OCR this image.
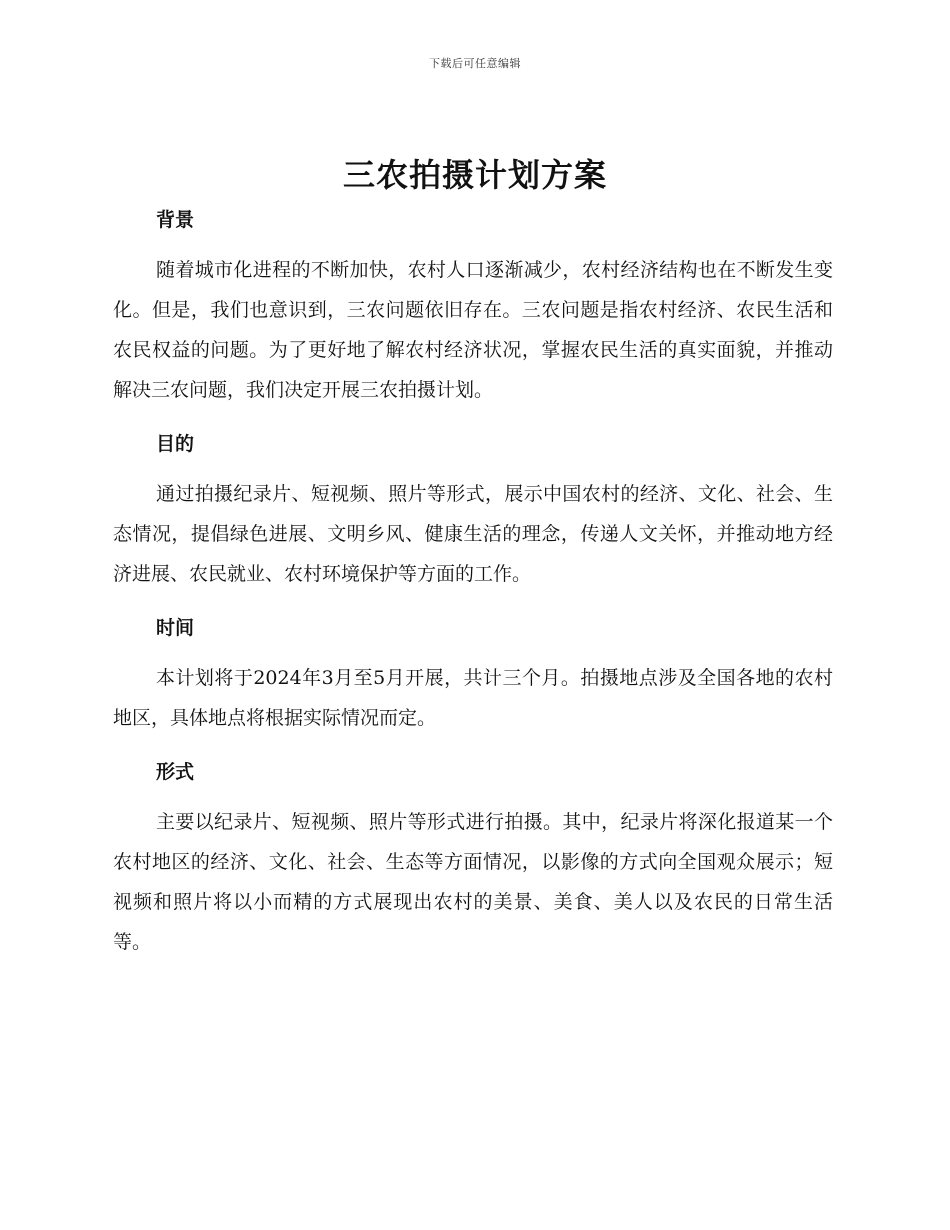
下载后可任意编辑
三农拍摄计划方案
背景

随着城市化进程的不断加快，农村人口逐渐减少，农村经济结构也在不断发生变化。但是，我们也意识到，三农问题依旧存在。三农问题是指农村经济、农民生活和农民权益的问题。为了更好地了解农村经济状况，掌握农民生活的真实面貌，并推动解决三农问题，我们决定开展三农拍摄计划。

目的

通过拍摄纪录片、短视频、照片等形式，展示中国农村的经济、文化、社会、生态情况，提倡绿色进展、文明乡风、健康生活的理念，传递人文关怀，并推动地方经济进展、农民就业、农村环境保护等方面的工作。

时间

本计划将于2024年3月至5月开展，共计三个月。拍摄地点涉及全国各地的农村地区，具体地点将根据实际情况而定。

形式

主要以纪录片、短视频、照片等形式进行拍摄。其中，纪录片将深化报道某一个农村地区的经济、文化、社会、生态等方面情况，以影像的方式向全国观众展示；短视频和照片将以小而精的方式展现出农村的美景、美食、美人以及农民的日常生活等。
